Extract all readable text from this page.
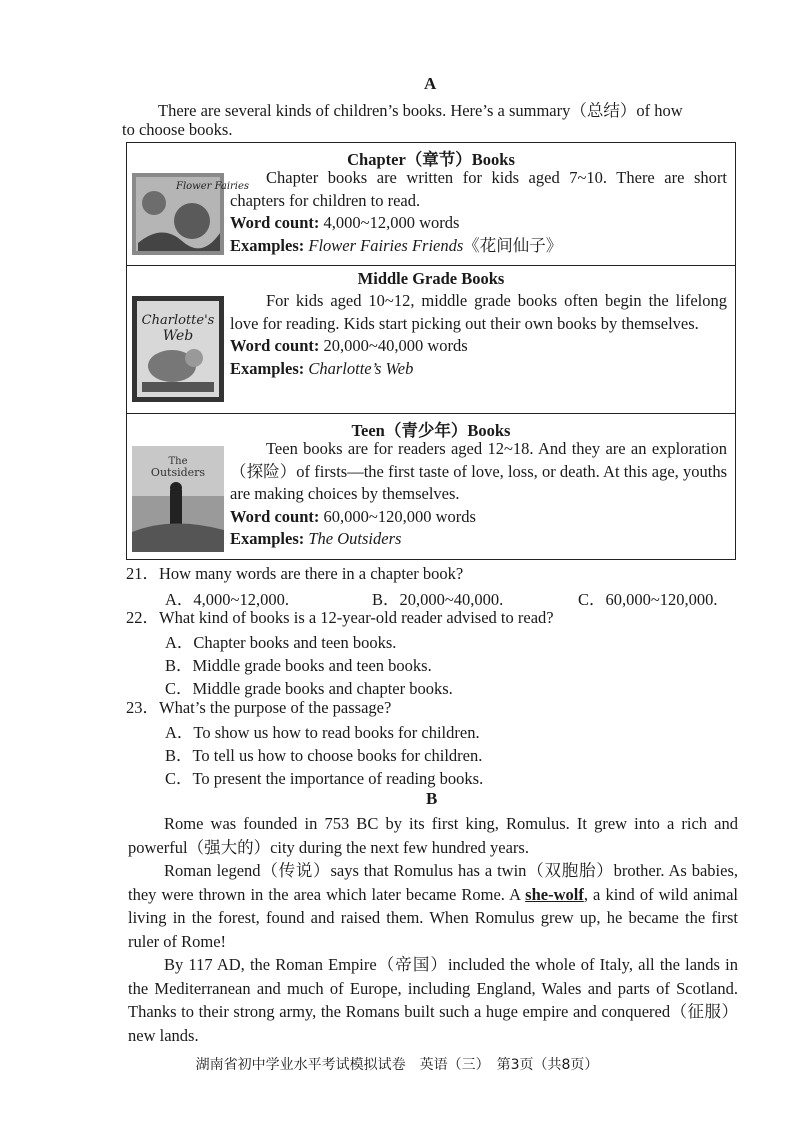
A
There are several kinds of children’s books. Here’s a summary（总结）of how
to choose books.
Chapter（章节）Books
Flower Fairies	Chapter books are written for kids aged 7~10. There are short chapters for children to read.
Word count: 4,000~12,000 words
Examples: Flower Fairies Friends《花间仙子》
Middle Grade Books
Charlotte's
Web
For kids aged 10~12, middle grade books often begin the lifelong love for reading. Kids start picking out their own books by themselves.
Word count: 20,000~40,000 words
Examples: Charlotte’s Web
Teen（青少年）Books
The
Outsiders
Teen books are for readers aged 12~18. And they are an exploration（探险）of firsts—the first taste of love, loss, or death. At this age, youths are making choices by themselves.
Word count: 60,000~120,000 words
Examples: The Outsiders
21．How many words are there in a chapter book?
A．4,000~12,000.	B．20,000~40,000.	C．60,000~120,000.
22．What kind of books is a 12-year-old reader advised to read?
A．Chapter books and teen books.
B．Middle grade books and teen books.
C．Middle grade books and chapter books.
23．What’s the purpose of the passage?
A．To show us how to read books for children.
B．To tell us how to choose books for children.
C．To present the importance of reading books.
B
Rome was founded in 753 BC by its first king, Romulus. It grew into a rich and powerful（强大的）city during the next few hundred years.
Roman legend（传说）says that Romulus has a twin（双胞胎）brother. As babies, they were thrown in the area which later became Rome. A she-wolf, a kind of wild animal living in the forest, found and raised them. When Romulus grew up, he became the first ruler of Rome!
By 117 AD, the Roman Empire（帝国）included the whole of Italy, all the lands in the Mediterranean and much of Europe, including England, Wales and parts of Scotland. Thanks to their strong army, the Romans built such a huge empire and conquered（征服）new lands.
湖南省初中学业水平考试模拟试卷　英语（三）　第3页（共8页）
